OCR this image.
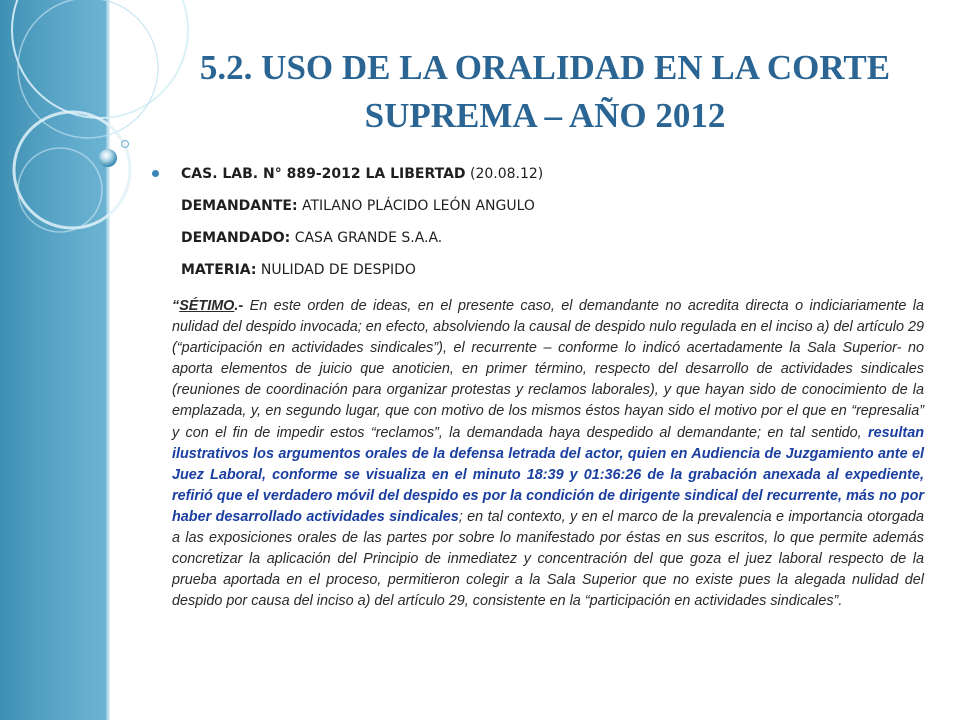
5.2. USO DE LA ORALIDAD EN LA CORTE SUPREMA – AÑO 2012
CAS. LAB. N° 889-2012 LA LIBERTAD (20.08.12)
DEMANDANTE: ATILANO PLÁCIDO LEÓN ANGULO
DEMANDADO: CASA GRANDE S.A.A.
MATERIA: NULIDAD DE DESPIDO

“SÉTIMO.- En este orden de ideas, en el presente caso, el demandante no acredita directa o indiciariamente la nulidad del despido invocada; en efecto, absolviendo la causal de despido nulo regulada en el inciso a) del artículo 29 (“participación en actividades sindicales”), el recurrente – conforme lo indicó acertadamente la Sala Superior- no aporta elementos de juicio que anoticien, en primer término, respecto del desarrollo de actividades sindicales (reuniones de coordinación para organizar protestas y reclamos laborales), y que hayan sido de conocimiento de la emplazada, y, en segundo lugar, que con motivo de los mismos éstos hayan sido el motivo por el que en “represalia” y con el fin de impedir estos “reclamos”, la demandada haya despedido al demandante; en tal sentido, resultan ilustrativos los argumentos orales de la defensa letrada del actor, quien en Audiencia de Juzgamiento ante el Juez Laboral, conforme se visualiza en el minuto 18:39 y 01:36:26 de la grabación anexada al expediente, refirió que el verdadero móvil del despido es por la condición de dirigente sindical del recurrente, más no por haber desarrollado actividades sindicales; en tal contexto, y en el marco de la prevalencia e importancia otorgada a las exposiciones orales de las partes por sobre lo manifestado por éstas en sus escritos, lo que permite además concretizar la aplicación del Principio de inmediatez y concentración del que goza el juez laboral respecto de la prueba aportada en el proceso, permitieron colegir a la Sala Superior que no existe pues la alegada nulidad del despido por causa del inciso a) del artículo 29, consistente en la “participación en actividades sindicales”.
